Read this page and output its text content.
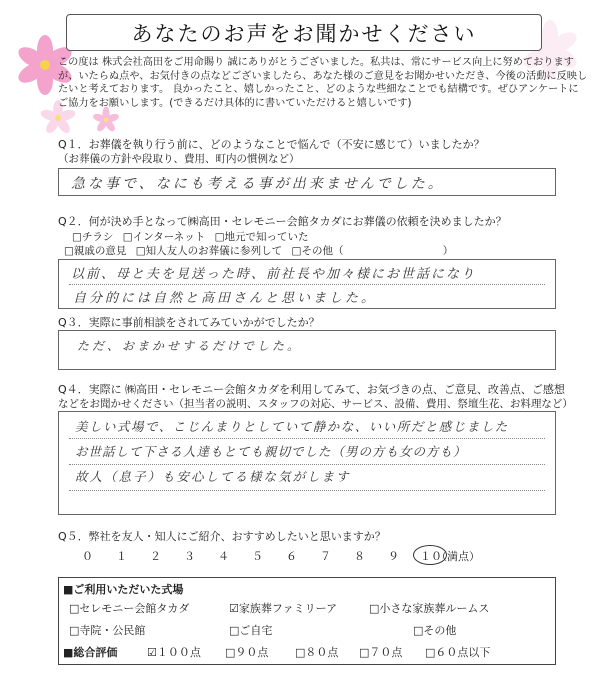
あなたのお声をお聞かせください
この度は 株式会社高田をご用命賜り 誠にありがとうございました。私共は、常にサービス向上に努めておりますが、いたらぬ点や、お気付きの点などございましたら、あなた様のご意見をお聞かせいただき、今後の活動に反映したいと考えております。 良かったこと、嬉しかったこと、どのような些細なことでも結構です。ぜひアンケートにご協力をお願いします。(できるだけ具体的に書いていただけると嬉しいです)
Q１．お葬儀を執り行う前に、どのようなことで悩んで（不安に感じて）いましたか？
（お葬儀の方針や段取り、費用、町内の慣例など）
急な事で、なにも考える事が出来ませんでした。
Q２．何が決め手となって㈱高田・セレモニー会館タカダにお葬儀の依頼を決めましたか？
□チラシ □インターネット □地元で知っていた
□親戚の意見 □知人友人のお葬儀に参列して □その他（	）
以前、母と夫を見送った時、前社長や加々様にお世話になり
自分的には自然と高田さんと思いました。
Q３．実際に事前相談をされてみていかがでしたか？
ただ、おまかせするだけでした。
Q４．実際に ㈱高田・セレモニー会館タカダを利用してみて、お気づきの点、ご意見、改善点、ご感想
などをお聞かせください（担当者の説明、スタッフの対応、サービス、設備、費用、祭壇生花、お料理など）
美しい式場で、こじんまりとしていて静かな、いい所だと感じました
お世話して下さる人達もとても親切でした（男の方も女の方も）
故人（息子）も安心してる様な気がします
Q５．弊社を友人・知人にご紹介、おすすめしたいと思いますか？
０ １ ２ ３ ４ ５ ６ ７ ８ ９ １０
（満点）
■ご利用いただいた式場
□セレモニー会館タカダ	☑家族葬ファミリーア	□小さな家族葬ルームス
□寺院・公民館	□ご自宅	□その他
■総合評価	☑１００点 □９０点 □８０点 □７０点 □６０点以下
